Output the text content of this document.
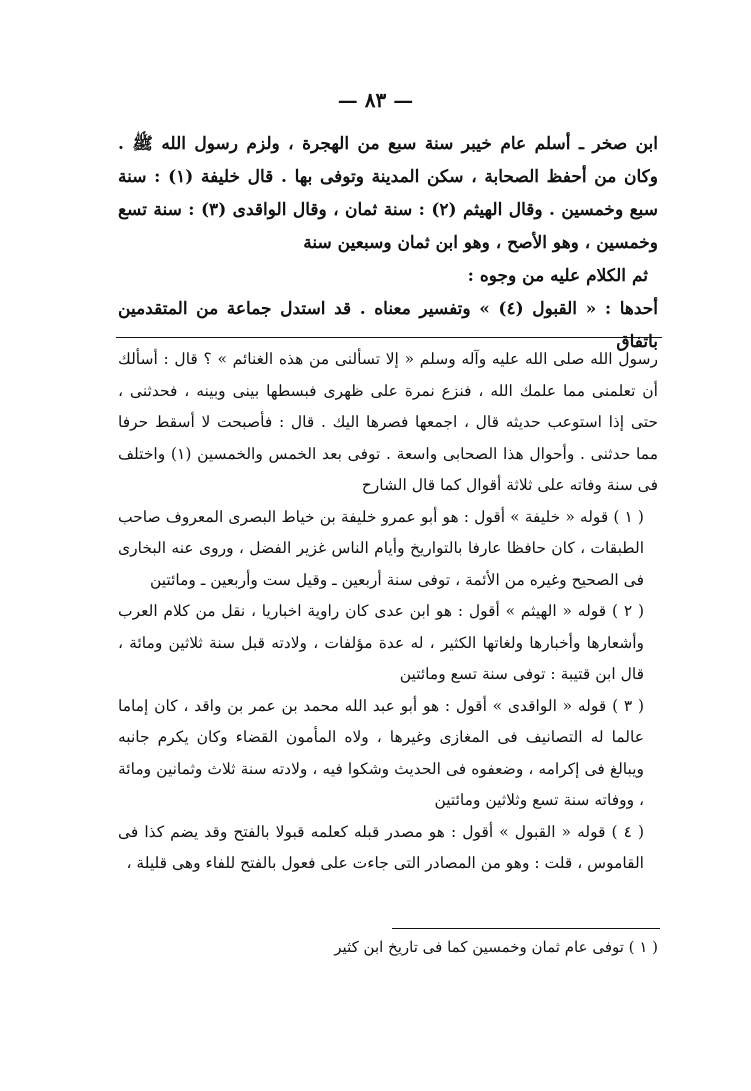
— ٨٣ —

ابن صخر ـ أسلم عام خيبر سنة سبع من الهجرة ، ولزم رسول الله ﷺ . وكان من أحفظ الصحابة ، سكن المدينة وتوفى بها . قال خليفة (١) : سنة سبع وخمسين . وقال الهيثم (٢) : سنة ثمان ، وقال الواقدى (٣) : سنة تسع وخمسين ، وهو الأصح ، وهو ابن ثمان وسبعين سنة

ثم الكلام عليه من وجوه :

أحدها : « القبول (٤) » وتفسير معناه . قد استدل جماعة من المتقدمين باتفاق

رسول الله صلى الله عليه وآله وسلم « إلا تسألنى من هذه الغنائم » ؟ قال : أسألك أن تعلمنى مما علمك الله ، فنزع نمرة على ظهرى فبسطها بينى وبينه ، فحدثنى ، حتى إذا استوعب حديثه قال ، اجمعها فصرها اليك . قال : فأصبحت لا أسقط حرفا مما حدثنى . وأحوال هذا الصحابى واسعة . توفى بعد الخمس والخمسين (١) واختلف فى سنة وفاته على ثلاثة أقوال كما قال الشارح

( ١ ) قوله « خليفة » أقول : هو أبو عمرو خليفة بن خياط البصرى المعروف صاحب الطبقات ، كان حافظا عارفا بالتواريخ وأيام الناس غزير الفضل ، وروى عنه البخارى فى الصحيح وغيره من الأئمة ، توفى سنة أربعين ـ وقيل ست وأربعين ـ ومائتين

( ٢ ) قوله « الهيثم » أقول : هو ابن عدى كان راوية اخباريا ، نقل من كلام العرب وأشعارها وأخبارها ولغاتها الكثير ، له عدة مؤلفات ، ولادته قبل سنة ثلاثين ومائة ، قال ابن قتيبة : توفى سنة تسع ومائتين

( ٣ ) قوله « الواقدى » أقول : هو أبو عبد الله محمد بن عمر بن واقد ، كان إماما عالما له التصانيف فى المغازى وغيرها ، ولاه المأمون القضاء وكان يكرم جانبه ويبالغ فى إكرامه ، وضعفوه فى الحديث وشكوا فيه ، ولادته سنة ثلاث وثمانين ومائة ، ووفاته سنة تسع وثلاثين ومائتين

( ٤ ) قوله « القبول » أقول : هو مصدر قبله كعلمه قبولا بالفتح وقد يضم كذا فى القاموس ، قلت : وهو من المصادر التى جاءت على فعول بالفتح للفاء وهى قليلة ،

( ١ ) توفى عام ثمان وخمسين كما فى تاريخ ابن كثير
